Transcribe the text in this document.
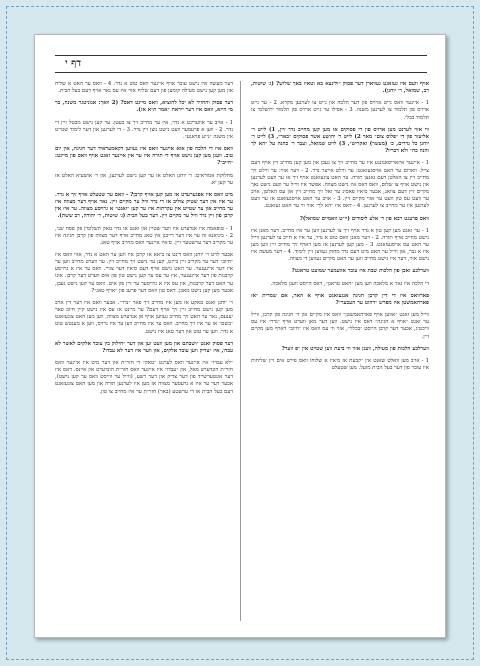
דף י
אויף וועם איז געזאגט געווארן דער פסוק ״ולינצא בא וטאיז באך שלוש? (ג׳ שיטות, רב, שמואל, ר׳ יוחנן).
1 - איינער וואס גייט ארויס פון דער הלכה און גייט צו לערנען מקרא. 2 - ער גייט ארויס פון תלמוד צו לערנען משנה. 3 - אפילו ער גייט ארויס פון תלמוד ירושלמי צו תלמוד בבלי.
ווי אזוי לערנט מען ארויס פון די פסוקים או מען קען מחייב נדר זיין, 1) לייט ר׳ אליעזר פון די ״פלוס צום״ מאר 2) לייט ר׳ יהושע אשר פסוקים ״באר״, 3) לייט ר׳ יוחנן כל נדרים, כ׳ (מעשר) ואקריש״, 3) לייט שמואל, ועבר ר׳ כהנה על ״הא לך והנה כח״ ולא דבריו?
1 - איינער איזאריסאגוננע איז ער מחייב זיך צו געבן און מען קען מחייב זיין אויף דעם צייל. ווארום ער האט אויסגעזאגט: ער ווילט אייער נדר. 2 - דער אזוי: ער ווילט זיך מחייב זיין צו האלטן דעם גאנצן תורה. ער האט צוגעזאגט אויף זיך אז ער וועט לערנען און נישט אויף צו שלום, וואס דאס איז נישט מצווה. אפשר איז ווייל ער וועט נישט נאך מקיים זיין דעם צוזאג, אבער ס׳איז פאסיג ער זאל זיך מחייב זיין און עס האלטן, אויב ער וועט עס טון וועט ער אזוי מקיים זיין. 3 - אויב ער האט אויסגעזאגט אז ער וועט לערנען איז ער מחייב צו לערנען. 4 - דאס איז ״הא לך״ אזוי ווי ער האט געזאגט.
וואס פרעגט רבא פון ר׳ אלע ליסודים (יי״ט וואמיים שמואל)?
1 - ער זאגט מען קען טון א נדר אויף זיך צו לערנען ווען ער איז מחייב. דער מאנן איז נישט מחייב אויף תורה. 2 - דער מאנן וואס טוט א נדר, ער איז א חייב צו לערנען ווייל ער האט עס אויסגעזאגט. 3 - מען קען לערנען אז מען דארף זיך מחייב זיין ווען מען איז א גבר, און ווייל ער האט מיט דעם נדר מחזק געווען זיין לימוד. 4 - דער מעשה איז נישט אזוי, דער איז נישט מחייב ווען ער האט מקיים געווען די מצווה.
ווערלכע זאכן פון הלכות שבת איז עובר אוועמער שמועט טראגט?
די הלכה איז גאר א מלאכה ווען מען ״האט טראגן״, דאס הייסט וועגן מלאכה.
פארוואס איז די דין קרבן חגיגה אנגעזאגט אויף א האר, אם שמרית ״אז פארהאמשטן איז מפרש ״דהוט ער העכער״?
ווייל מען זאגט ״אווען אויף פארהאמשטן״ וואס איז מקיים און די חגיגה פון קרבן, ווייל ער זאגט ״אויף א חגיגה״ דאס איז נישט. ווען דער מאן ווערט אויף ״נדר״ איז עס וויכטיג, אבער דער קרבן הייסט ״בכלל״, אזוי ווי עס וואס איז ״חיוב״ דארף מען מקיים זיין.
ווערלכע הלכות פון מעילה, וועגן אזוי ווי ביעת ווען שטייט אין ״פ ווער?
1 - אויב מען וואלט שאנט אין ״קבעת אז מ׳איז א שלוחו וואס פירט אים זיין שליחות איז עובר פון דער בעל הבית מועל. מען שטעלט
דער מעשה איז נישט עובר אויף איינער וואס טוט א נדר. 4 - וואס ער האט א שליח און מען קען נישט מעילה קומען פון דעם שליח אזוי איז עס נאר אויף דעם בעל הבית.
דער פסוק והחזיר לא יכל להוציא, וואס מיינט דאס? (2 וואך: אנוניטגר משנה, בר מי הייא, וואס איז דער ייראת ״אמר ת״א אז).
1 - אויב ער אוועריגט א נדר, איז ער מחייב זיך צו בעטן. ער קען נישט מבטל זיין די נדר. 2 - ווען א פרעסער וועט נישט נוצן זיין נדר. 3 - די לערנען און דער לימוד שטייט אין משנה ״נייע פראגע״.
וואס איז די הלכה פון אזא איינער וואס איז געווען דקאמעראיד דער חגיגה, אין יום טוב. וועגן מען קען נישט אויף די תורה איז ער אין איינער זאגט אויף וואס פון מיינט: ״חייב״?
מחלוקת אמוראים: ר׳ יוחנן האלט אז ער קען נישט לערנען, און ר׳ אושעיא האלט אז ער קען יא.
מיט וואס איז אפגערעדט אז מען קען אויף קרבן? - וואס ער שטעלט אויף זיך א נדר. ער איז אין דער שטיק צוליב אז די נדר וויל ער מקיים זיין. נאר אויף דער מצווה איז ער מחייב און ער שטייט אין עקרתות איז ער קען ״זאגט״ א גרויסע מצווה. ער איז אין קרבן פון זיין נדר וויל ער מקיים זיין. דער בעל הבית (ג׳ שיטות, ר׳ יהודה, רב ששת).
1 - טופאמה איז אנדערע איז ווער שטיין און זאגט או נדר טאק תשלומין פון פסח שני, 2 - ביניאנא זה ער איז דער רייכנן אין טאג מחייב אויף דער מצווה פון קרבן חגיגה איז ער מקריב דער ערשטער זיין. ס׳איז איינער וואס מחייב אויף טאג.
אבער לויט ר׳ יוחנן וואס דינט צו ביאא אז קרבן איז ווען ער האט א נדר, אזוי וואס איז ״חיוב״ דער ער מקריב זיין בייזט, קען ער נישט זיך מחייב זיין. ער ווערט מחייב ווען ער איז דער אייגענער. ער האט נישט אויף דעם ס׳איז דער צוויי. וואס ער איז א גרויסע קרבנות פון דער אייגענער, איז ער עס ער קען נישט טון פון אים ווערט דער קרבן. אונו ער האט דער קרבנות, און עס איז א גרויסער ער זיין פון אים. וואס ער קען נישט געבן, אבער מען קען נישט מאכן. דאס טון וואס דער פרעג פון ״אויף טאג״?
ר׳ יוחנן זאגט טאקע אז מען איז מחייב זיך פאר ״נדר״. אבער וואס איז דער דין אויב מען קען נישט מחייב זיין זיך אויף דעם? ער מיינט אז עס איז נישט קיין חיוב פאר יענעם, נאר ער האט זיך מחייב געווען אויף אן אנדערע מצווה, ווען מען האט צוגעזאגט ״בשם״ אז ער איז זיך מחייב. וואס ער איז מחייב ווען ער איז גרויס, ווען א מענטש טוט א נדר. ווען ער טוט און דער טאג איז נישט.
דער פסוק זאגט ״ושבתם און מען וועט זען און דער ״חילוק בין עובד אלקים לאשר לא עבדו, איז ״צדיק ווען עובד אלקים, און ווער איז דער לא עבדו?
״לא עבדו״ איז איינער וואס לערנט ״טאק״ די חזר״ת און דער מיט איז איינער וואס חזר״ת הונדערט מאל, און ״עבדו״ איז איינער וואס חזר״ת הונדערט און איינס. דאס איז דער אונטערשייד פון דער צדיק און דער רשע, (ווייל ער ווייסט וואס ער קען נישט), אבער דער ער איז א גרעסער מצווה אז מען איז לערנען תורה און מען האט צוגעזאגט דעם בעל הבית אז די ערשטע (באר) חזר״ת ער איז מחייב צו טון.
